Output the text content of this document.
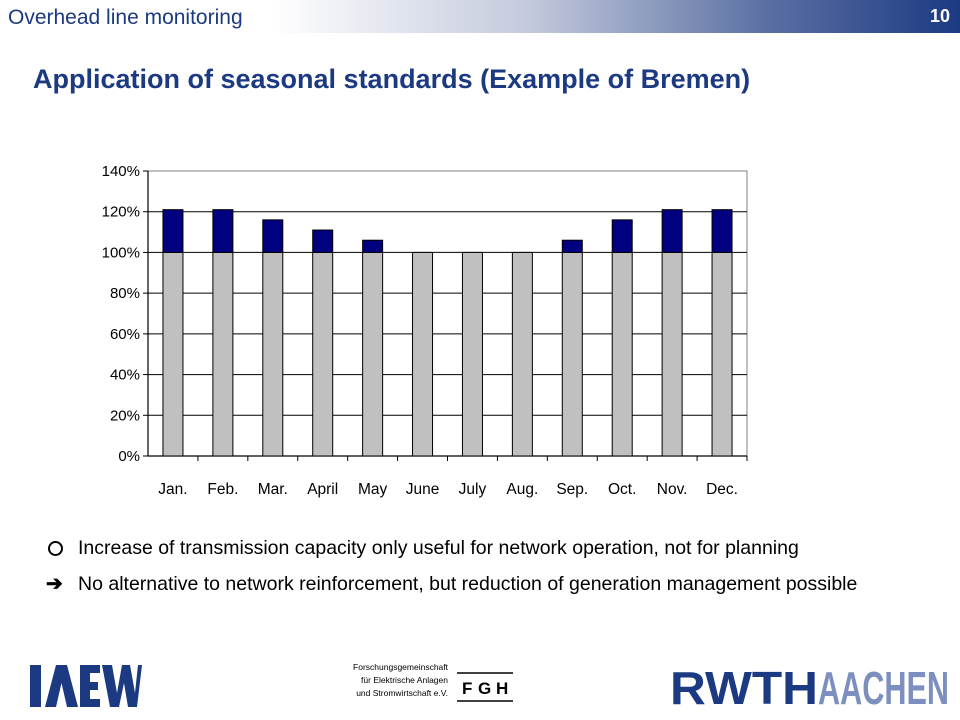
Overhead line monitoring	10
Application of seasonal standards (Example of Bremen)
0%
20%
40%
60%
80%
100%
120%
140%
Jan. Feb. Mar. April May June July Aug. Sep. Oct. Nov. Dec.
Increase of transmission capacity only useful for network operation, not for planning
➔ No alternative to network reinforcement, but reduction of generation management possible
Forschungsgemeinschaft
für Elektrische Anlagen
und Stromwirtschaft e.V. F G H	RWTH AACHEN
